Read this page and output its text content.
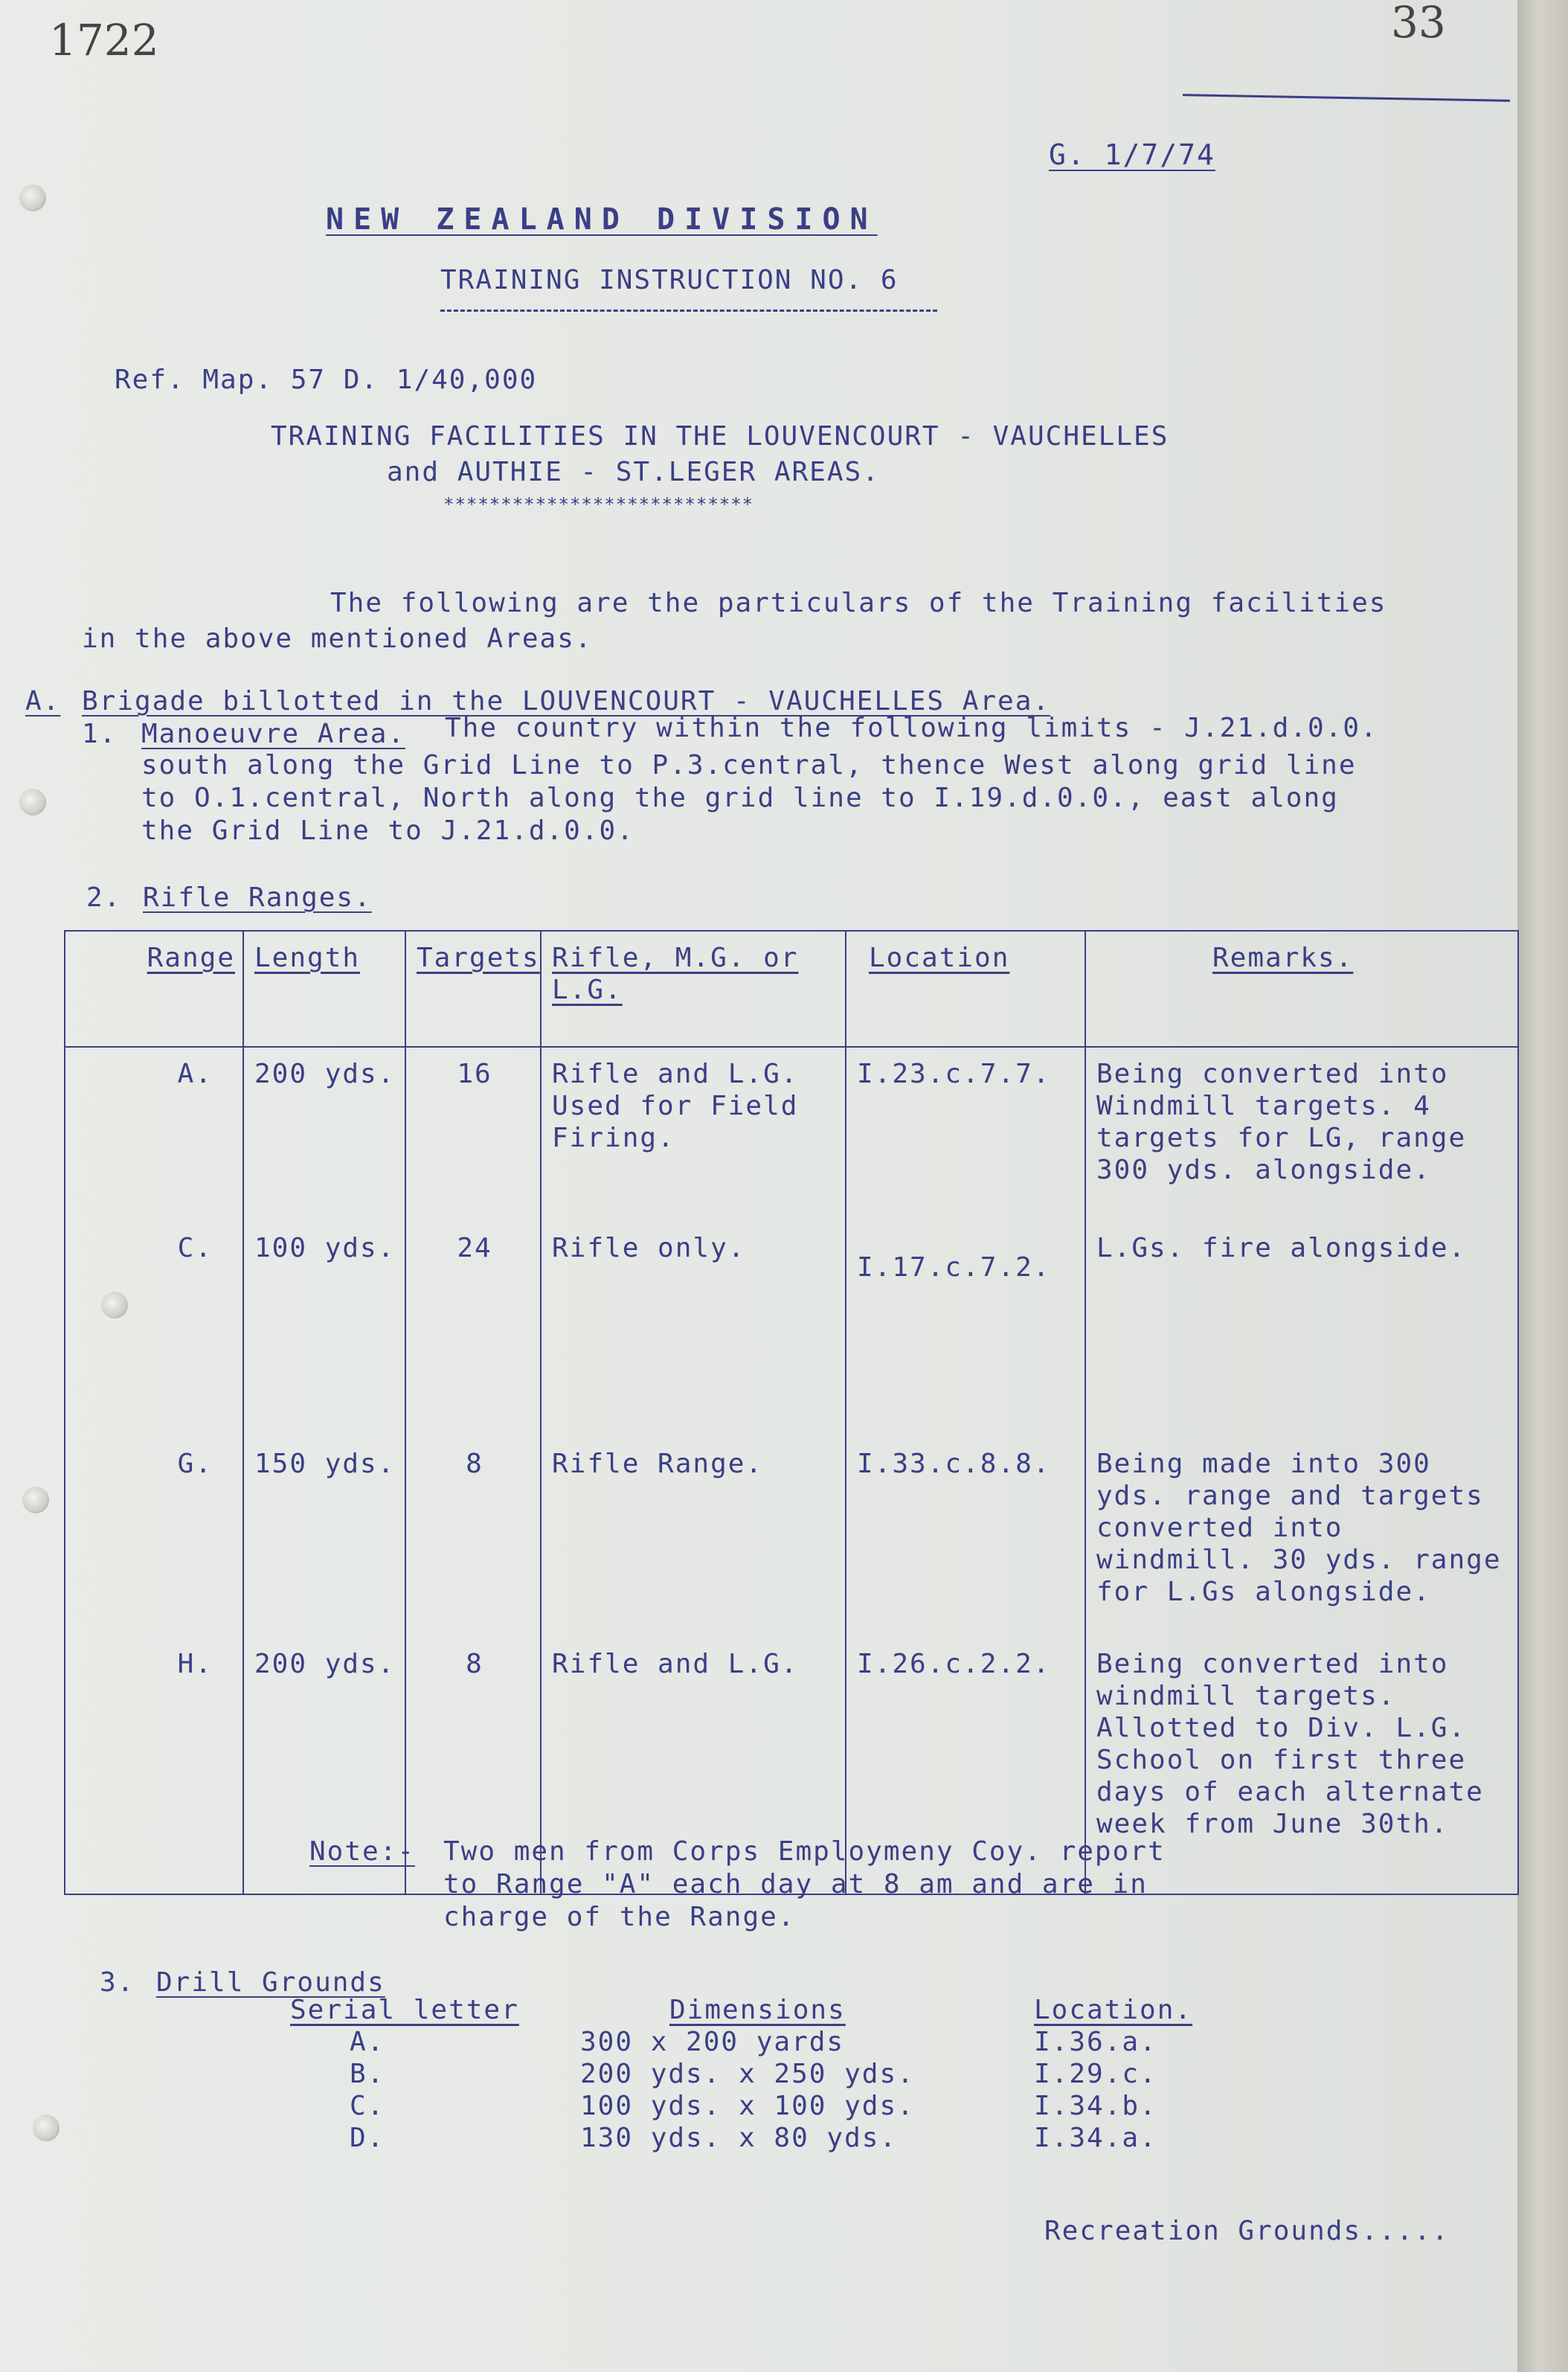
1722	33
G. 1/7/74
NEW ZEALAND DIVISION
TRAINING INSTRUCTION NO. 6
Ref. Map. 57 D. 1/40,000
TRAINING FACILITIES IN THE LOUVENCOURT - VAUCHELLES
and AUTHIE - ST.LEGER AREAS.
***************************
The following are the particulars of the Training facilities
in the above mentioned Areas.
A. Brigade billotted in the LOUVENCOURT - VAUCHELLES Area.
1. Manoeuvre Area. The country within the following limits - J.21.d.0.0.
south along the Grid Line to P.3.central, thence West along grid line
to O.1.central, North along the grid line to I.19.d.0.0., east along
the Grid Line to J.21.d.0.0.
2. Rifle Ranges.
Range	Length	Targets	Rifle, M.G. or L.G.	Location	Remarks.
A.	200 yds.	16	Rifle and L.G. Used for Field Firing.	I.23.c.7.7.	Being converted into Windmill targets. 4 targets for LG, range 300 yds. alongside.
C.	100 yds.	24	Rifle only.	I.17.c.7.2.	L.Gs. fire alongside.
G.	150 yds.	8	Rifle Range.	I.33.c.8.8.	Being made into 300 yds. range and targets converted into windmill. 30 yds. range for L.Gs alongside.
H.	200 yds.	8	Rifle and L.G.	I.26.c.2.2.	Being converted into windmill targets. Allotted to Div. L.G. School on first three days of each alternate week from June 30th.
Note:- Two men from Corps Employmeny Coy. report
to Range "A" each day at 8 am and are in
charge of the Range.
3. Drill Grounds
Serial letter	Dimensions	Location.
A.	300 x 200 yards	I.36.a.
B.	200 yds. x 250 yds.	I.29.c.
C.	100 yds. x 100 yds.	I.34.b.
D.	130 yds. x 80 yds.	I.34.a.
Recreation Grounds.....
